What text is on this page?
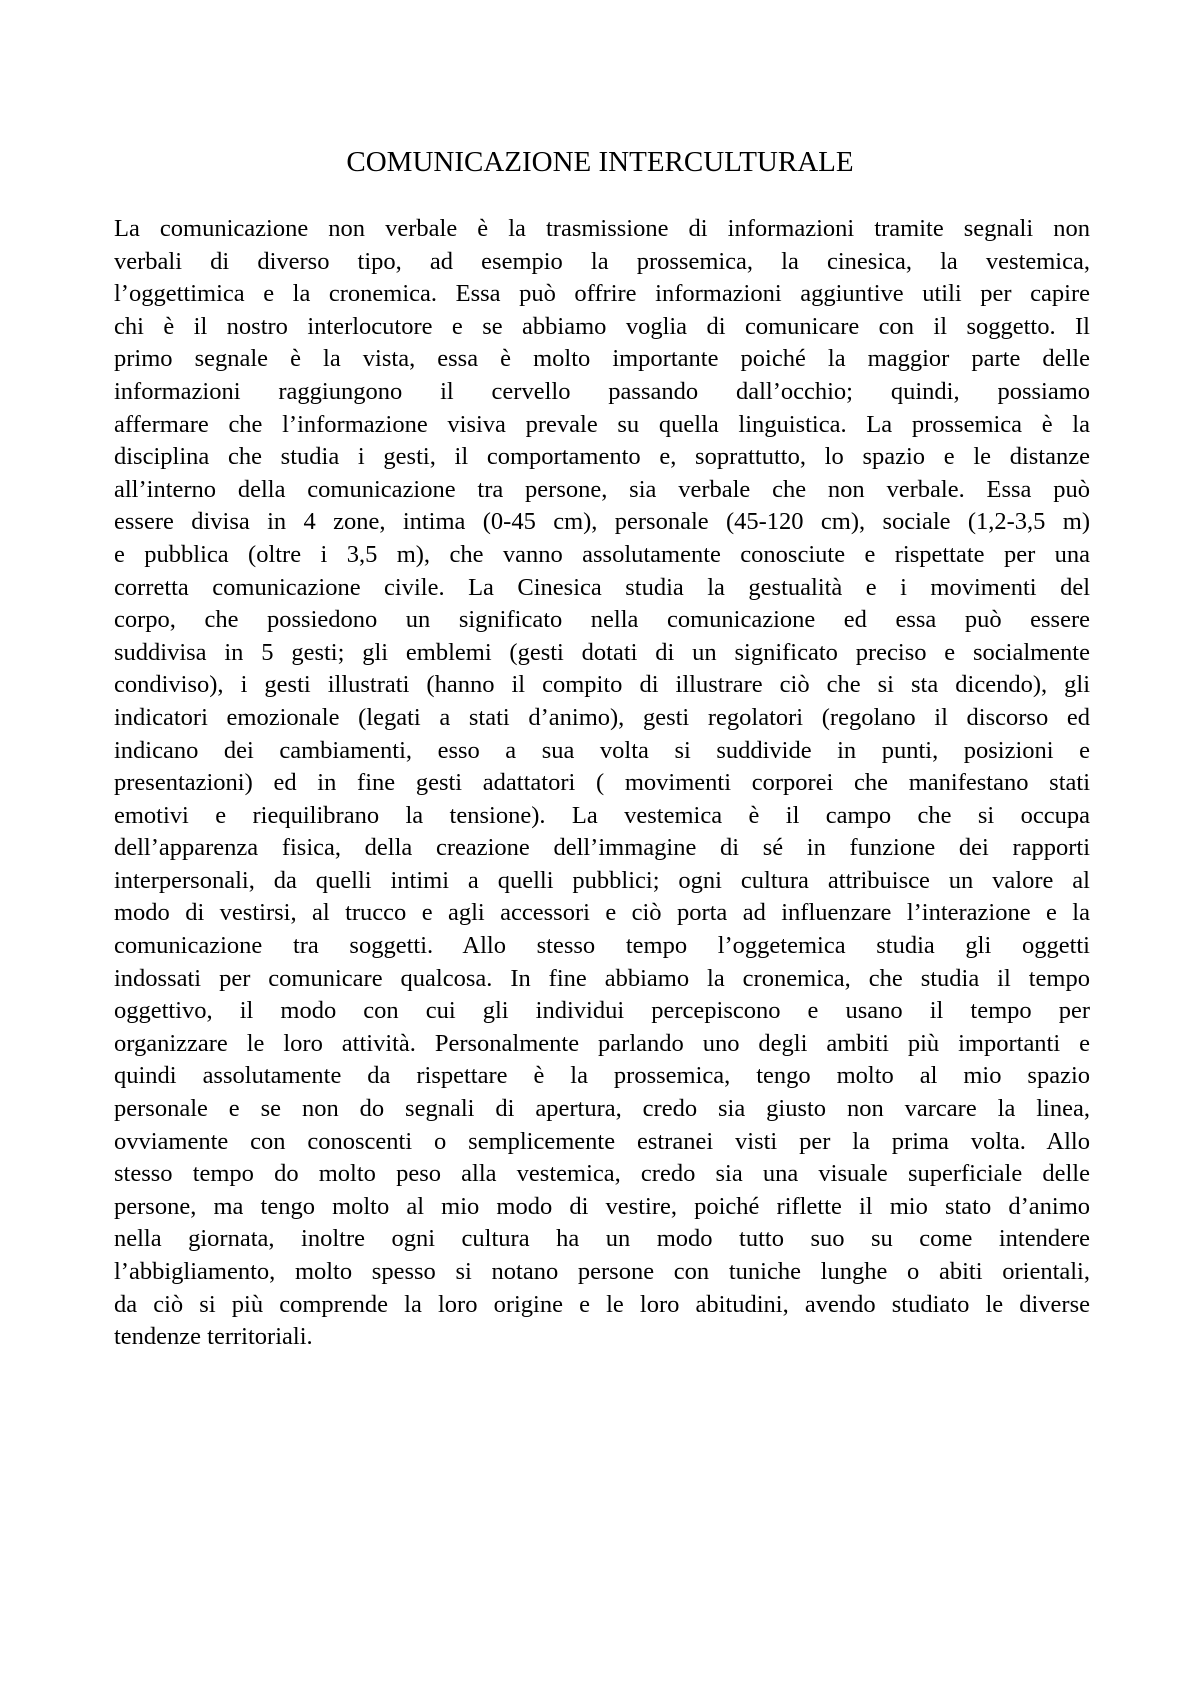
COMUNICAZIONE INTERCULTURALE
La comunicazione non verbale è la trasmissione di informazioni tramite segnali non
verbali di diverso tipo, ad esempio la prossemica, la cinesica, la vestemica,
l’oggettimica e la cronemica. Essa può offrire informazioni aggiuntive utili per capire
chi è il nostro interlocutore e se abbiamo voglia di comunicare con il soggetto. Il
primo segnale è la vista, essa è molto importante poiché la maggior parte delle
informazioni raggiungono il cervello passando dall’occhio; quindi, possiamo
affermare che l’informazione visiva prevale su quella linguistica. La prossemica è la
disciplina che studia i gesti, il comportamento e, soprattutto, lo spazio e le distanze
all’interno della comunicazione tra persone, sia verbale che non verbale. Essa può
essere divisa in 4 zone, intima (0-45 cm), personale (45-120 cm), sociale (1,2-3,5 m)
e pubblica (oltre i 3,5 m), che vanno assolutamente conosciute e rispettate per una
corretta comunicazione civile. La Cinesica studia la gestualità e i movimenti del
corpo, che possiedono un significato nella comunicazione ed essa può essere
suddivisa in 5 gesti; gli emblemi (gesti dotati di un significato preciso e socialmente
condiviso), i gesti illustrati (hanno il compito di illustrare ciò che si sta dicendo), gli
indicatori emozionale (legati a stati d’animo), gesti regolatori (regolano il discorso ed
indicano dei cambiamenti, esso a sua volta si suddivide in punti, posizioni e
presentazioni) ed in fine gesti adattatori ( movimenti corporei che manifestano stati
emotivi e riequilibrano la tensione). La vestemica è il campo che si occupa
dell’apparenza fisica, della creazione dell’immagine di sé in funzione dei rapporti
interpersonali, da quelli intimi a quelli pubblici; ogni cultura attribuisce un valore al
modo di vestirsi, al trucco e agli accessori e ciò porta ad influenzare l’interazione e la
comunicazione tra soggetti. Allo stesso tempo l’oggetemica studia gli oggetti
indossati per comunicare qualcosa. In fine abbiamo la cronemica, che studia il tempo
oggettivo, il modo con cui gli individui percepiscono e usano il tempo per
organizzare le loro attività. Personalmente parlando uno degli ambiti più importanti e
quindi assolutamente da rispettare è la prossemica, tengo molto al mio spazio
personale e se non do segnali di apertura, credo sia giusto non varcare la linea,
ovviamente con conoscenti o semplicemente estranei visti per la prima volta. Allo
stesso tempo do molto peso alla vestemica, credo sia una visuale superficiale delle
persone, ma tengo molto al mio modo di vestire, poiché riflette il mio stato d’animo
nella giornata, inoltre ogni cultura ha un modo tutto suo su come intendere
l’abbigliamento, molto spesso si notano persone con tuniche lunghe o abiti orientali,
da ciò si più comprende la loro origine e le loro abitudini, avendo studiato le diverse
tendenze territoriali.
